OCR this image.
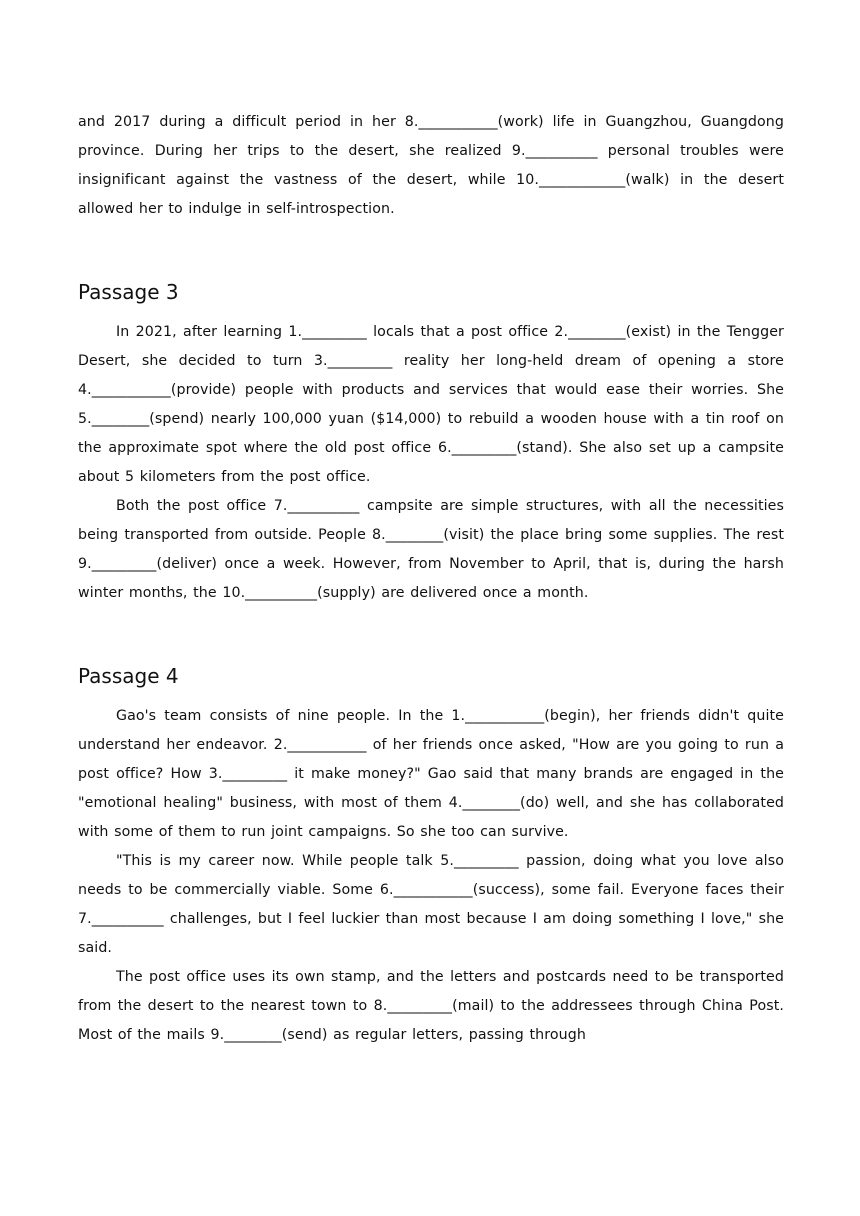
and 2017 during a difficult period in her 8.___________(work) life in Guangzhou, Guangdong province. During her trips to the desert, she realized 9.__________ personal troubles were insignificant against the vastness of the desert, while 10.____________(walk) in the desert allowed her to indulge in self-introspection.

Passage 3

In 2021, after learning 1._________ locals that a post office 2.________(exist) in the Tengger Desert, she decided to turn 3._________ reality her long-held dream of opening a store 4.___________(provide) people with products and services that would ease their worries. She 5.________(spend) nearly 100,000 yuan ($14,000) to rebuild a wooden house with a tin roof on the approximate spot where the old post office 6._________(stand). She also set up a campsite about 5 kilometers from the post office.

Both the post office 7.__________ campsite are simple structures, with all the necessities being transported from outside. People 8.________(visit) the place bring some supplies. The rest 9._________(deliver) once a week. However, from November to April, that is, during the harsh winter months, the 10.__________(supply) are delivered once a month.

Passage 4

Gao's team consists of nine people. In the 1.___________(begin), her friends didn't quite understand her endeavor. 2.___________ of her friends once asked, "How are you going to run a post office? How 3._________ it make money?" Gao said that many brands are engaged in the "emotional healing" business, with most of them 4.________(do) well, and she has collaborated with some of them to run joint campaigns. So she too can survive.

"This is my career now. While people talk 5._________ passion, doing what you love also needs to be commercially viable. Some 6.___________(success), some fail. Everyone faces their 7.__________ challenges, but I feel luckier than most because I am doing something I love," she said.

The post office uses its own stamp, and the letters and postcards need to be transported from the desert to the nearest town to 8._________(mail) to the addressees through China Post. Most of the mails 9.________(send) as regular letters, passing through
